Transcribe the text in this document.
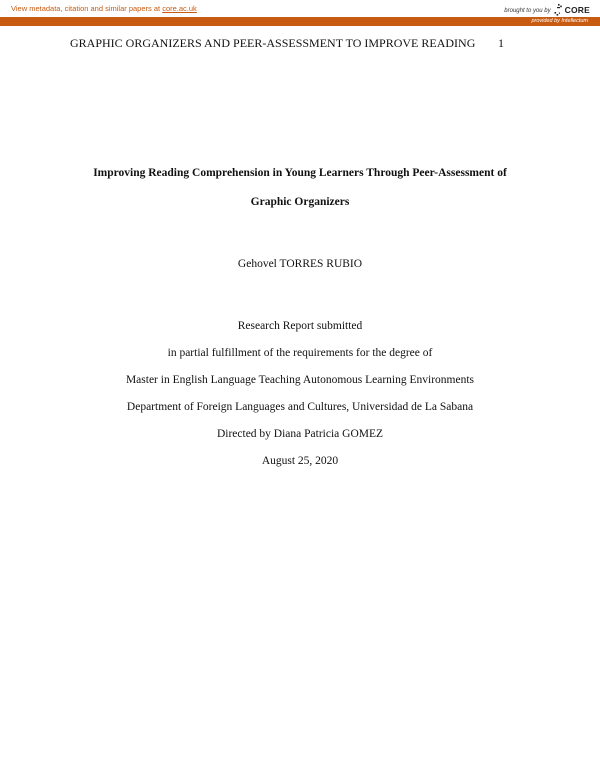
View metadata, citation and similar papers at core.ac.uk	brought to you by CORE
provided by Intellectum
GRAPHIC ORGANIZERS AND PEER-ASSESSMENT TO IMPROVE READING 1
Improving Reading Comprehension in Young Learners Through Peer-Assessment of
Graphic Organizers
Gehovel TORRES RUBIO
Research Report submitted
in partial fulfillment of the requirements for the degree of
Master in English Language Teaching Autonomous Learning Environments
Department of Foreign Languages and Cultures, Universidad de La Sabana
Directed by Diana Patricia GOMEZ
August 25, 2020
